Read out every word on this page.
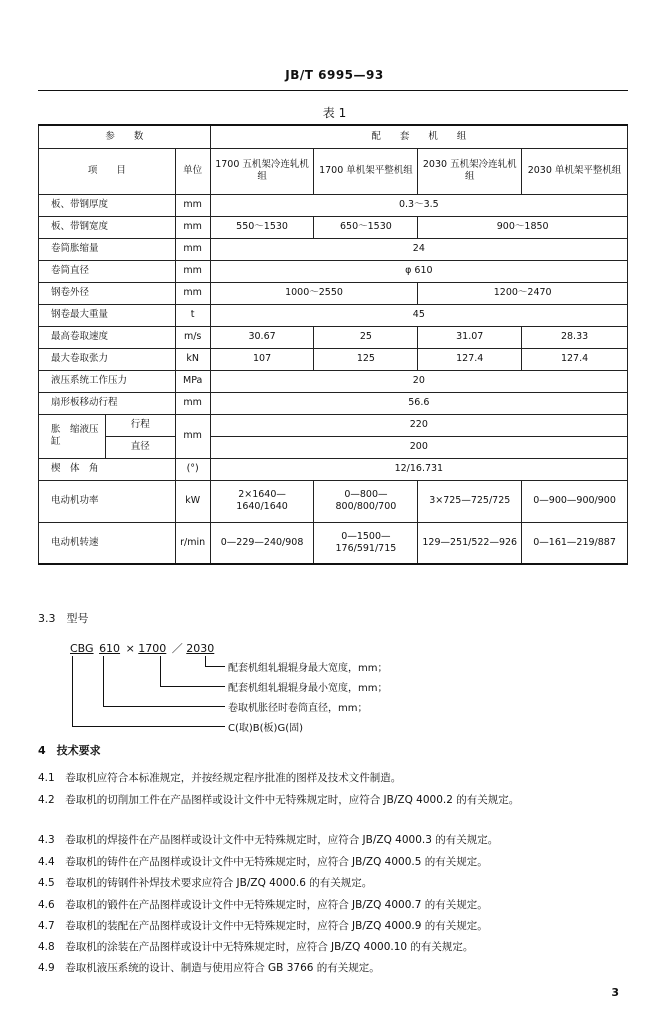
JB/T 6995—93
表 1
参　　数			配　　套　　机　　组			
项　　目		单位	1700 五机架冷连轧机组	1700 单机架平整机组	2030 五机架冷连轧机组	2030 单机架平整机组
板、带钢厚度		mm	0.3～3.5			
板、带钢宽度		mm	550～1530	650～1530	900～1850	
卷筒胀缩量		mm	24			
卷筒直径		mm	φ 610			
钢卷外径		mm	1000～2550		1200～2470	
钢卷最大重量		t	45			
最高卷取速度		m/s	30.67	25	31.07	28.33
最大卷取张力		kN	107	125	127.4	127.4
液压系统工作压力		MPa	20			
扇形板移动行程		mm	56.6			
胀　缩液压缸	行程	mm	220			
	直径		200			
楔　体　角		(°)	12/16.731			
电动机功率		kW	2×1640—1640/1640	0—800—800/800/700	3×725—725/725	0—900—900/900
电动机转速		r/min	0—229—240/908	0—1500—176/591/715	129—251/522—926	0—161—219/887
3.3　型号
CBG 610 × 1700 ／ 2030
配套机组轧辊辊身最大宽度，mm；
配套机组轧辊辊身最小宽度，mm；
卷取机胀径时卷筒直径，mm；
C(取)B(板)G(固)
4　技术要求
4.1　卷取机应符合本标准规定，并按经规定程序批准的图样及技术文件制造。
4.2　卷取机的切削加工件在产品图样或设计文件中无特殊规定时，应符合 JB/ZQ 4000.2 的有关规定。
4.3　卷取机的焊接件在产品图样或设计文件中无特殊规定时，应符合 JB/ZQ 4000.3 的有关规定。
4.4　卷取机的铸件在产品图样或设计文件中无特殊规定时，应符合 JB/ZQ 4000.5 的有关规定。
4.5　卷取机的铸钢件补焊技术要求应符合 JB/ZQ 4000.6 的有关规定。
4.6　卷取机的锻件在产品图样或设计文件中无特殊规定时，应符合 JB/ZQ 4000.7 的有关规定。
4.7　卷取机的装配在产品图样或设计文件中无特殊规定时，应符合 JB/ZQ 4000.9 的有关规定。
4.8　卷取机的涂装在产品图样或设计中无特殊规定时，应符合 JB/ZQ 4000.10 的有关规定。
4.9　卷取机液压系统的设计、制造与使用应符合 GB 3766 的有关规定。
3
